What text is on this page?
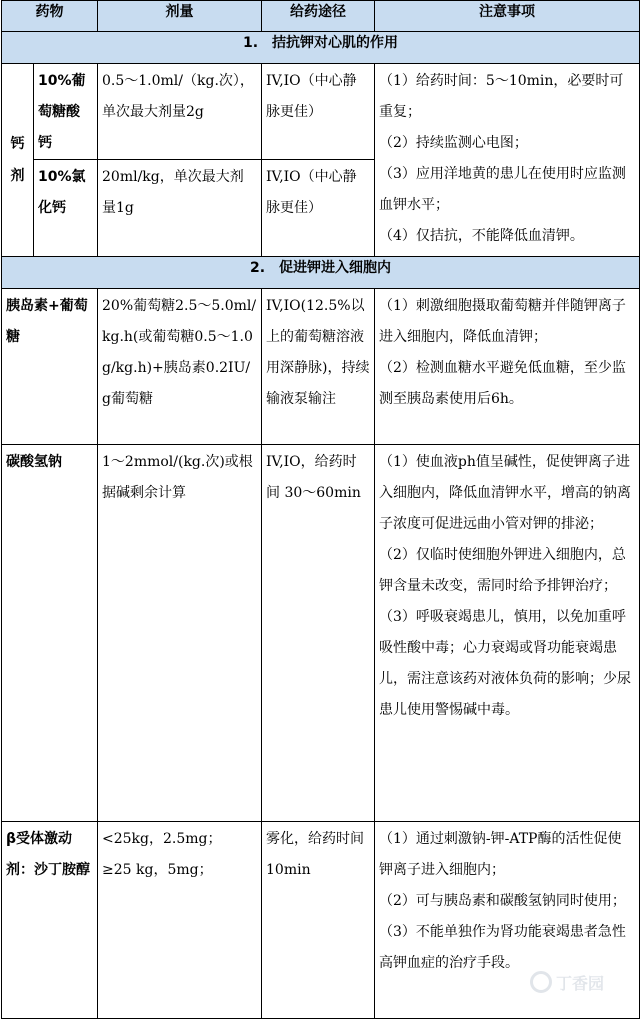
药物		剂量	给药途径	注意事项
1.　拮抗钾对心肌的作用				

钙
剂	10%葡萄糖酸钙	0.5～1.0ml/（kg.次），单次最大剂量2g	IV,IO（中心静脉更佳）	（1）给药时间：5～10min，必要时可重复；
（2）持续监测心电图；
（3）应用洋地黄的患儿在使用时应监测血钾水平；
（4）仅拮抗，不能降低血清钾。

	10%氯化钙	20ml/kg，单次最大剂量1g	IV,IO（中心静脉更佳）	

2.　促进钾进入细胞内				

胰岛素+葡萄糖		20%葡萄糖2.5～5.0ml/kg.h(或葡萄糖0.5～1.0g/kg.h)+胰岛素0.2IU/g葡萄糖	IV,IO(12.5%以上的葡萄糖溶液用深静脉)，持续输液泵输注	（1）刺激细胞摄取葡萄糖并伴随钾离子进入细胞内，降低血清钾；
（2）检测血糖水平避免低血糖，至少监测至胰岛素使用后6h。

碳酸氢钠		1～2mmol/(kg.次)或根据碱剩余计算	IV,IO，给药时间 30～60min	（1）使血液ph值呈碱性，促使钾离子进入细胞内，降低血清钾水平，增高的钠离子浓度可促进远曲小管对钾的排泌；
（2）仅临时使细胞外钾进入细胞内，总钾含量未改变，需同时给予排钾治疗；
（3）呼吸衰竭患儿，慎用，以免加重呼吸性酸中毒；心力衰竭或肾功能衰竭患儿，需注意该药对液体负荷的影响；少尿患儿使用警惕碱中毒。

β受体激动剂：沙丁胺醇		<25kg，2.5mg；
≥25 kg，5mg；	雾化，给药时间10min	（1）通过刺激钠-钾-ATP酶的活性促使钾离子进入细胞内；
（2）可与胰岛素和碳酸氢钠同时使用；
（3）不能单独作为肾功能衰竭患者急性高钾血症的治疗手段。
丁香园
